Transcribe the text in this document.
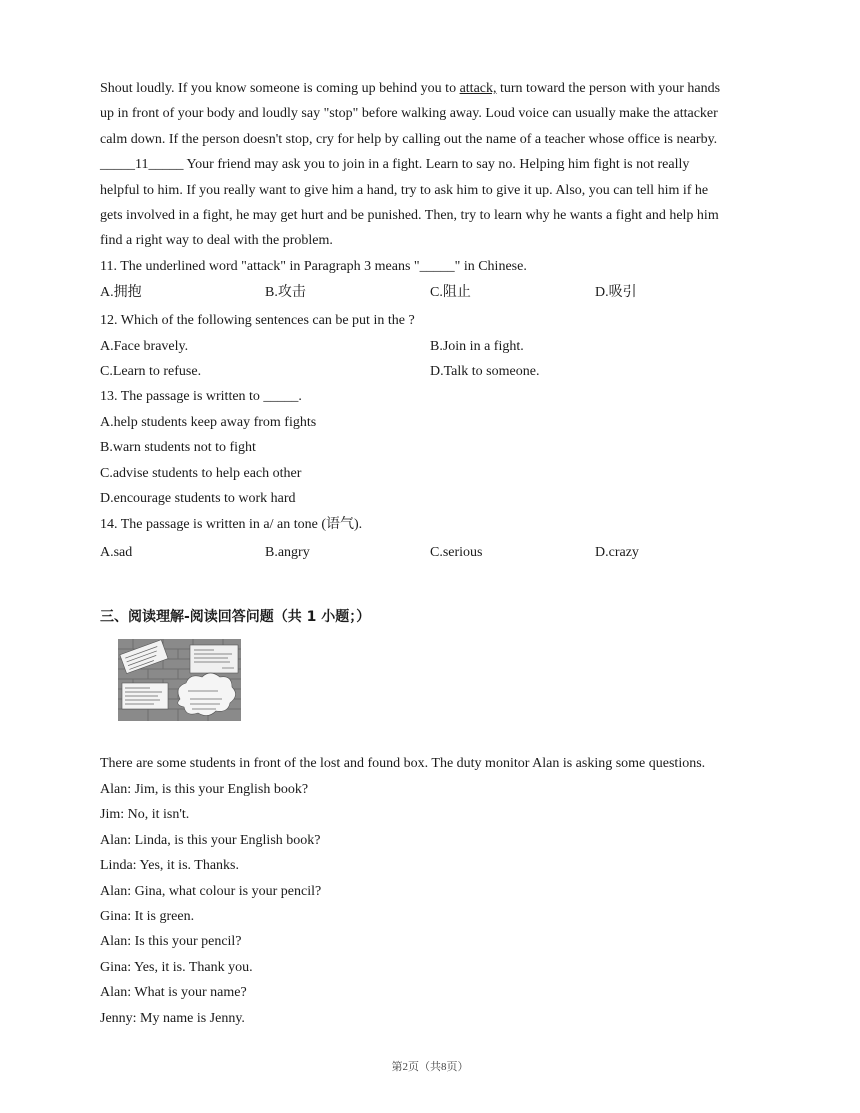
Shout loudly. If you know someone is coming up behind you to attack, turn toward the person with your hands

up in front of your body and loudly say "stop" before walking away. Loud voice can usually make the attacker

calm down. If the person doesn't stop, cry for help by calling out the name of a teacher whose office is nearby.

_____11_____ Your friend may ask you to join in a fight. Learn to say no. Helping him fight is not really

helpful to him. If you really want to give him a hand, try to ask him to give it up. Also, you can tell him if he

gets involved in a fight, he may get hurt and be punished. Then, try to learn why he wants a fight and help him

find a right way to deal with the problem.

11. The underlined word "attack" in Paragraph 3 means "_____" in Chinese.
A.拥抱	B.攻击	C.阻止	D.吸引
12. Which of the following sentences can be put in the ?
A.Face bravely.	B.Join in a fight.
C.Learn to refuse.	D.Talk to someone.
13. The passage is written to _____.
A.help students keep away from fights
B.warn students not to fight
C.advise students to help each other
D.encourage students to work hard
14. The passage is written in a/ an tone (语气).
A.sad	B.angry	C.serious	D.crazy
三、阅读理解-阅读回答问题（共 1 小题；）
There are some students in front of the lost and found box. The duty monitor Alan is asking some questions.

Alan: Jim, is this your English book?

Jim: No, it isn't.

Alan: Linda, is this your English book?

Linda: Yes, it is. Thanks.

Alan: Gina, what colour is your pencil?

Gina: It is green.

Alan: Is this your pencil?

Gina: Yes, it is. Thank you.

Alan: What is your name?

Jenny: My name is Jenny.

第2页（共8页）
